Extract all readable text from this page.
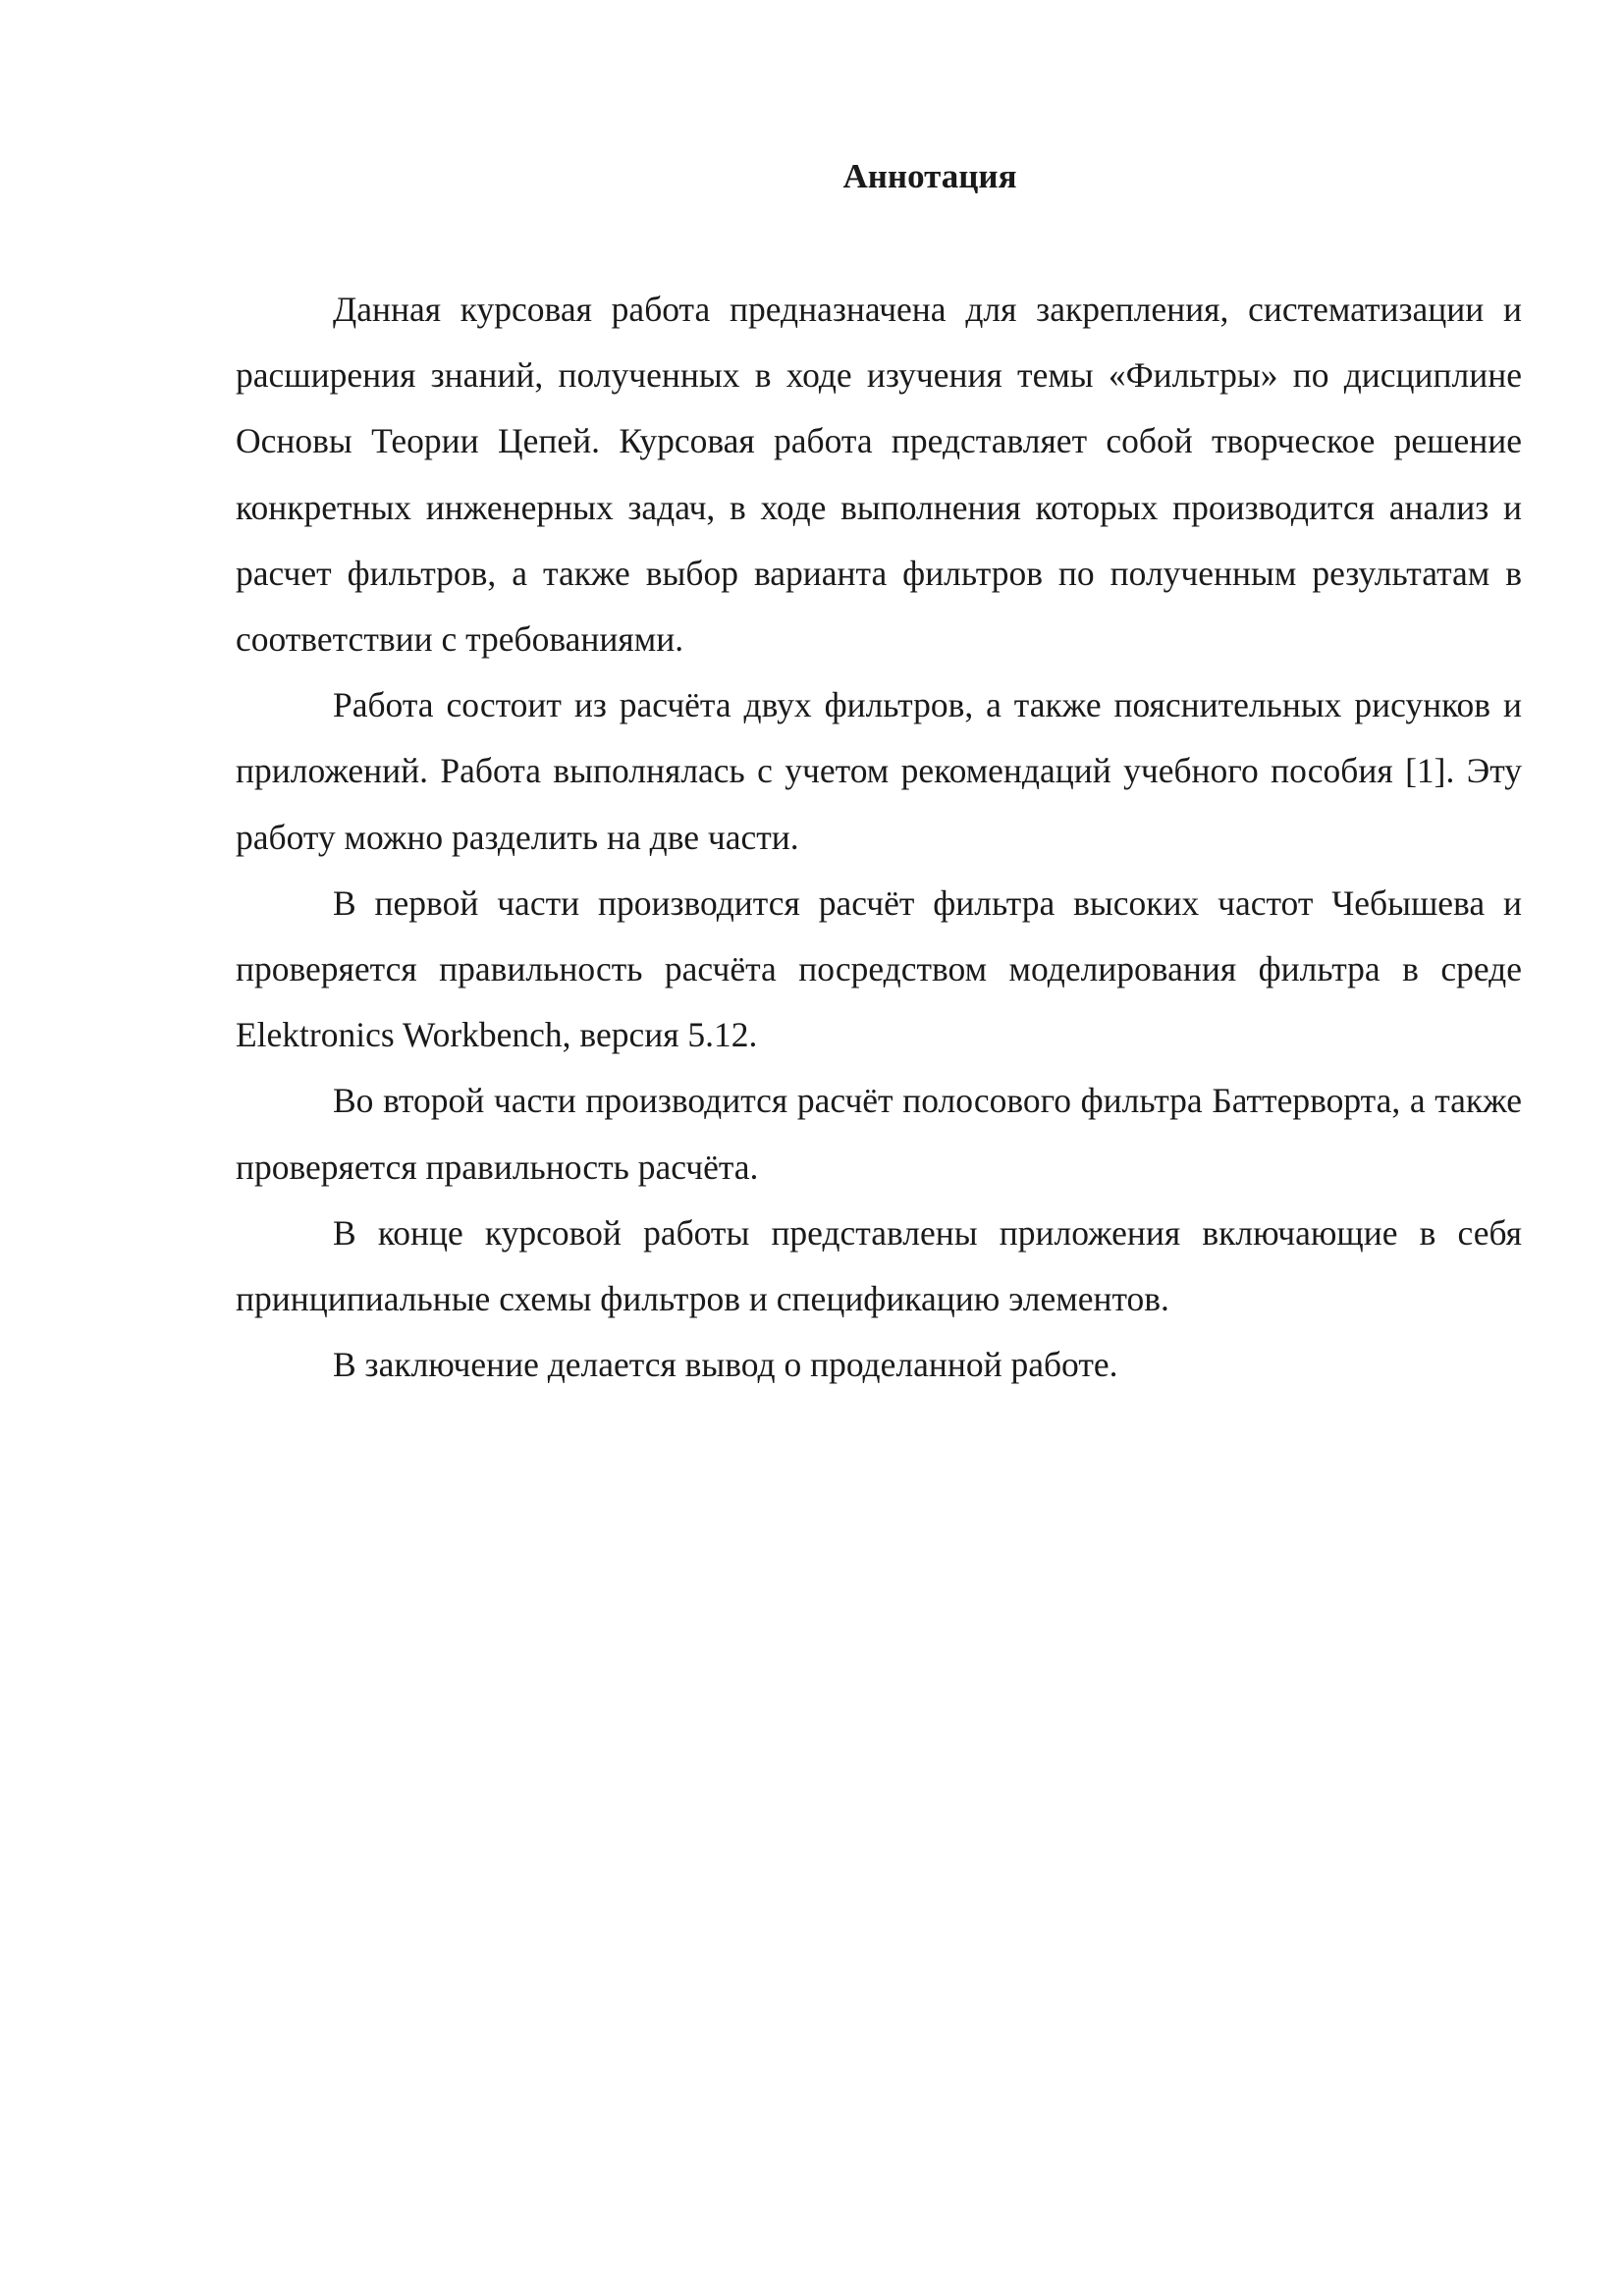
Аннотация

Данная курсовая работа предназначена для закрепления, систематизации и расширения знаний, полученных в ходе изучения темы «Фильтры» по дисциплине Основы Теории Цепей. Курсовая работа представляет собой творческое решение конкретных инженерных задач, в ходе выполнения которых производится анализ и расчет фильтров, а также выбор варианта фильтров по полученным результатам в соответствии с требованиями.

Работа состоит из расчёта двух фильтров, а также пояснительных рисунков и приложений. Работа выполнялась с учетом рекомендаций учебного пособия [1]. Эту работу можно разделить на две части.

В первой части производится расчёт фильтра высоких частот Чебышева и проверяется правильность расчёта посредством моделирования фильтра в среде Elektronics Workbench, версия 5.12.

Во второй части производится расчёт полосового фильтра Баттерворта, а также проверяется правильность расчёта.

В конце курсовой работы представлены приложения включающие в себя принципиальные схемы фильтров и спецификацию элементов.

В заключение делается вывод о проделанной работе.
